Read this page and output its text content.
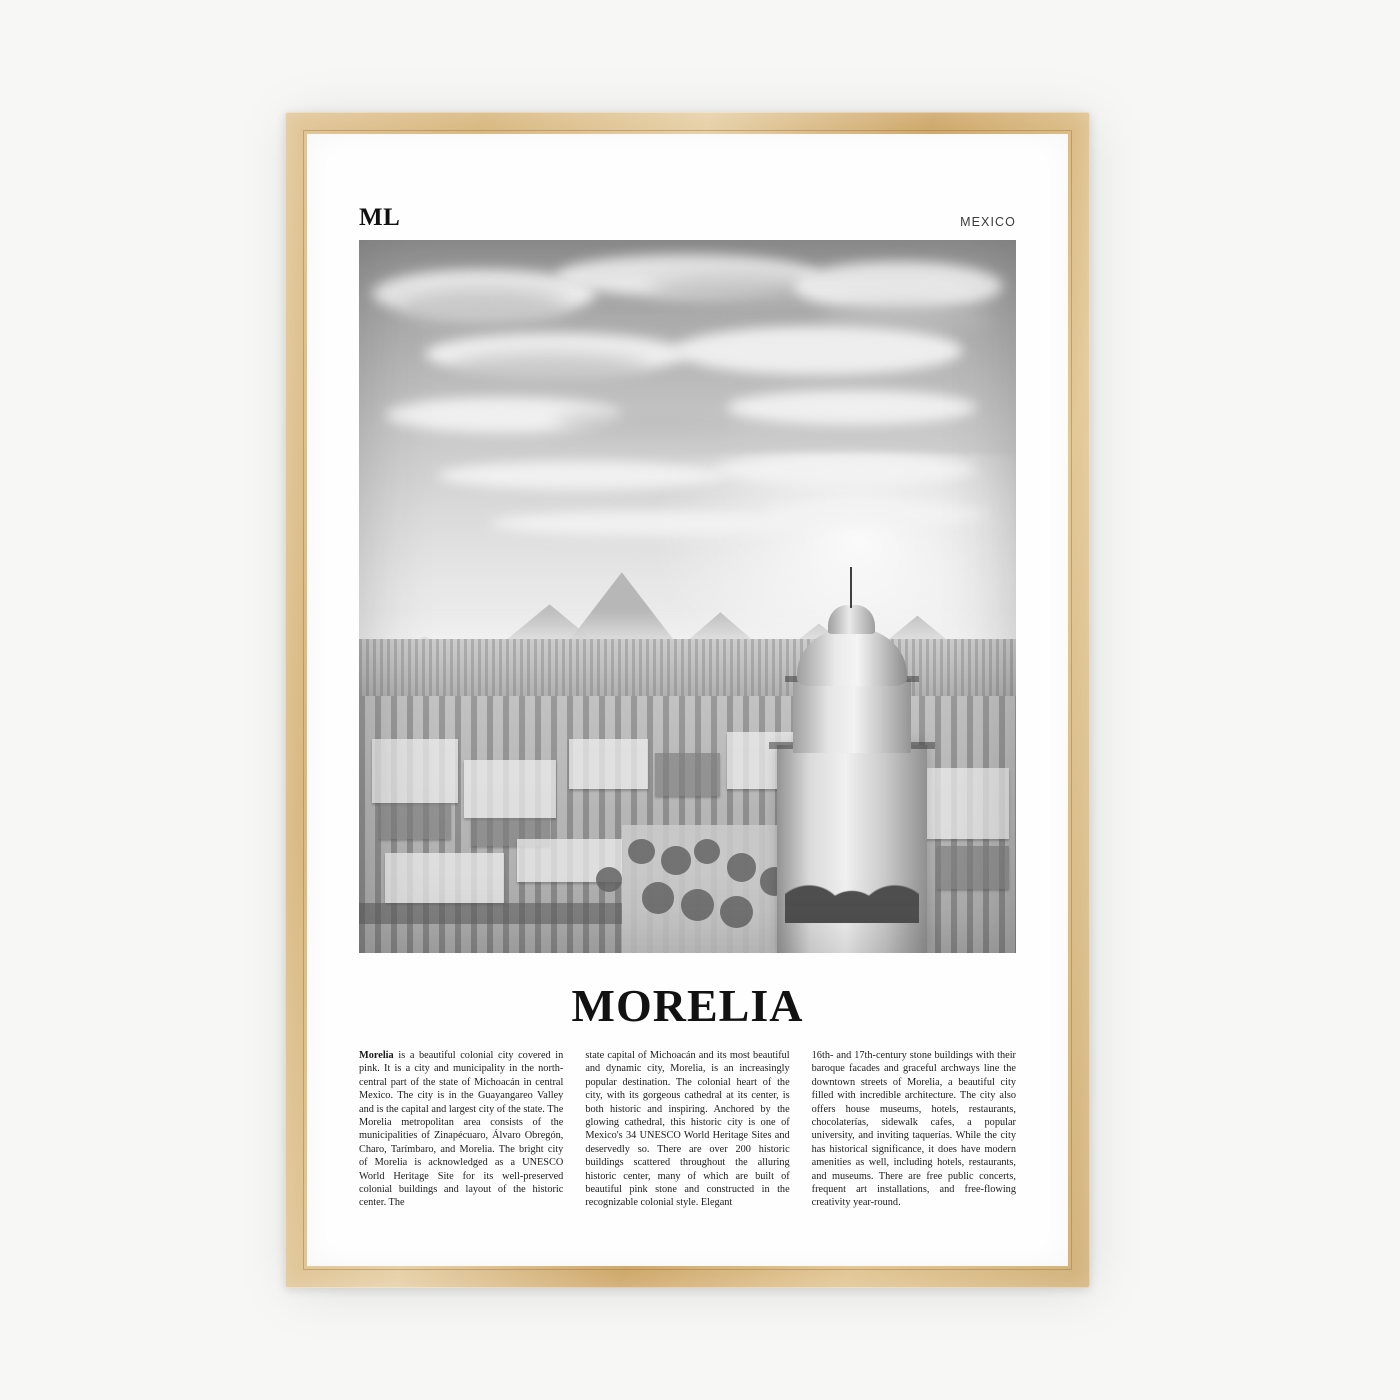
ML	MEXICO
MORELIA
Morelia is a beautiful colonial city covered in pink. It is a city and municipality in the north-central part of the state of Michoacán in central Mexico. The city is in the Guayangareo Valley and is the capital and largest city of the state. The Morelia metropolitan area consists of the municipalities of Zinapécuaro, Álvaro Obregón, Charo, Tarímbaro, and Morelia. The bright city of Morelia is acknowledged as a UNESCO World Heritage Site for its well-preserved colonial buildings and layout of the historic center. The
state capital of Michoacán and its most beautiful and dynamic city, Morelia, is an increasingly popular destination. The colonial heart of the city, with its gorgeous cathedral at its center, is both historic and inspiring. Anchored by the glowing cathedral, this historic city is one of Mexico's 34 UNESCO World Heritage Sites and deservedly so. There are over 200 historic buildings scattered throughout the alluring historic center, many of which are built of beautiful pink stone and constructed in the recognizable colonial style. Elegant
16th- and 17th-century stone buildings with their baroque facades and graceful archways line the downtown streets of Morelia, a beautiful city filled with incredible architecture. The city also offers house museums, hotels, restaurants, chocolaterías, sidewalk cafes, a popular university, and inviting taquerías. While the city has historical significance, it does have modern amenities as well, including hotels, restaurants, and museums. There are free public concerts, frequent art installations, and free-flowing creativity year-round.
